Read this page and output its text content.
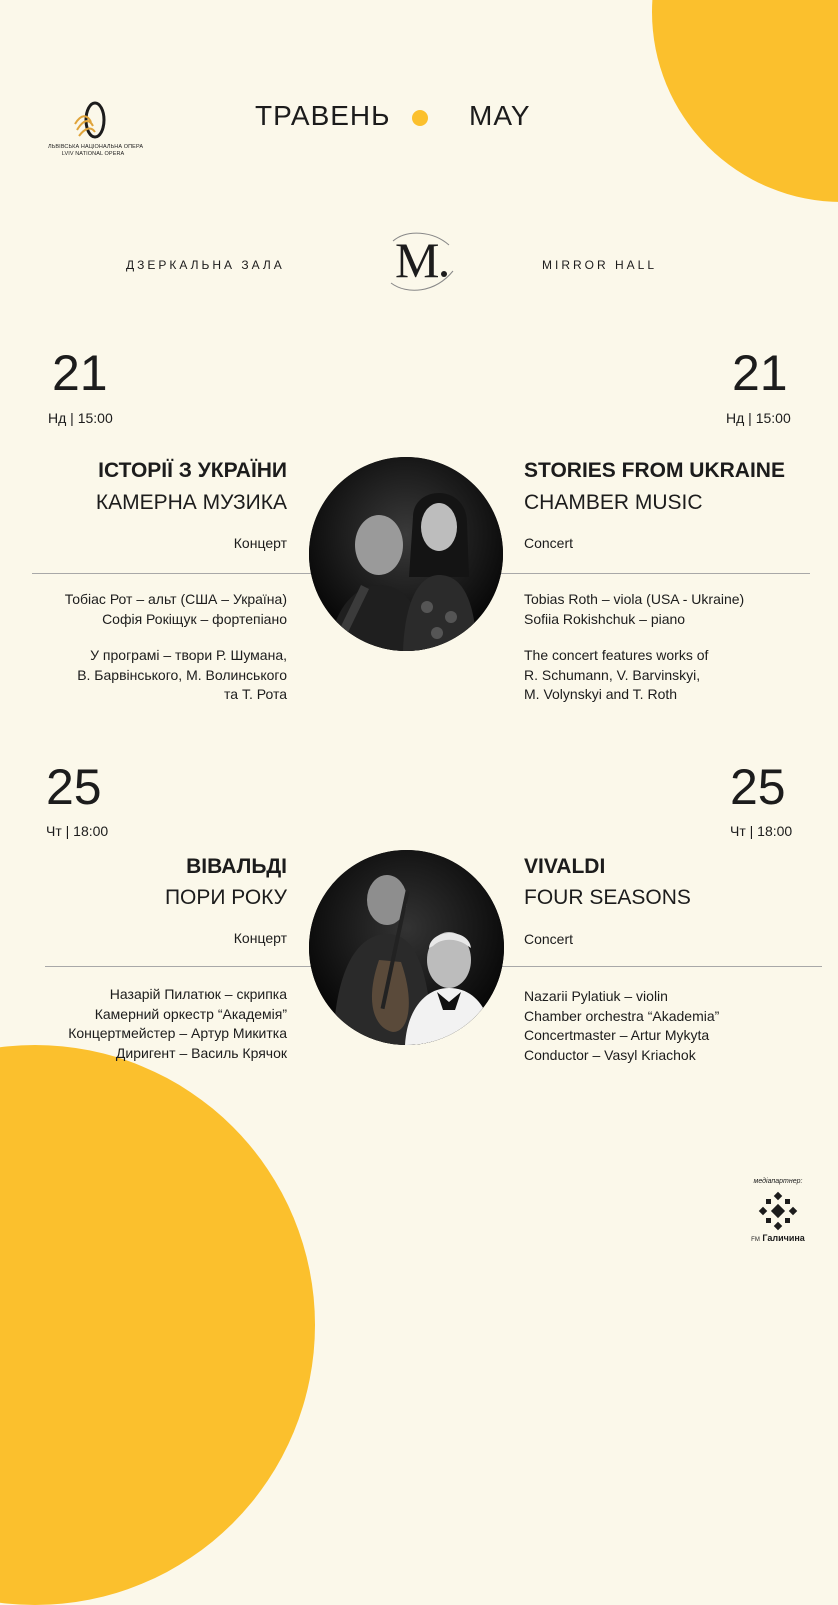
ЛЬВІВСЬКА НАЦІОНАЛЬНА ОПЕРА
LVIV NATIONAL OPERA
ТРАВЕНЬ	MAY
ДЗЕРКАЛЬНА ЗАЛА M	MIRROR HALL
21
Нд | 15:00
21
Нд | 15:00
ІСТОРІЇ З УКРАЇНИ
КАМЕРНА МУЗИКА
Концерт
STORIES FROM UKRAINE
CHAMBER MUSIC
Concert
Тобіас Рот – альт (США – Україна)
Софія Рокіщук – фортепіано
У програмі – твори Р. Шумана,
В. Барвінського, М. Волинського
та Т. Рота
Tobias Roth – viola (USA - Ukraine)
Sofiia Rokishchuk – piano
The concert features works of
R. Schumann, V. Barvinskyi,
M. Volynskyi and T. Roth
25
Чт | 18:00
25
Чт | 18:00
ВІВАЛЬДІ
ПОРИ РОКУ
Концерт
VIVALDI
FOUR SEASONS
Concert
Назарій Пилатюк – скрипка
Камерний оркестр “Академія”
Концертмейстер – Артур Микитка
Диригент – Василь Крячок
Nazarii Pylatiuk – violin
Chamber orchestra “Akademia”
Concertmaster – Artur Mykyta
Conductor – Vasyl Kriachok
медіапартнер:
FM Галичина
